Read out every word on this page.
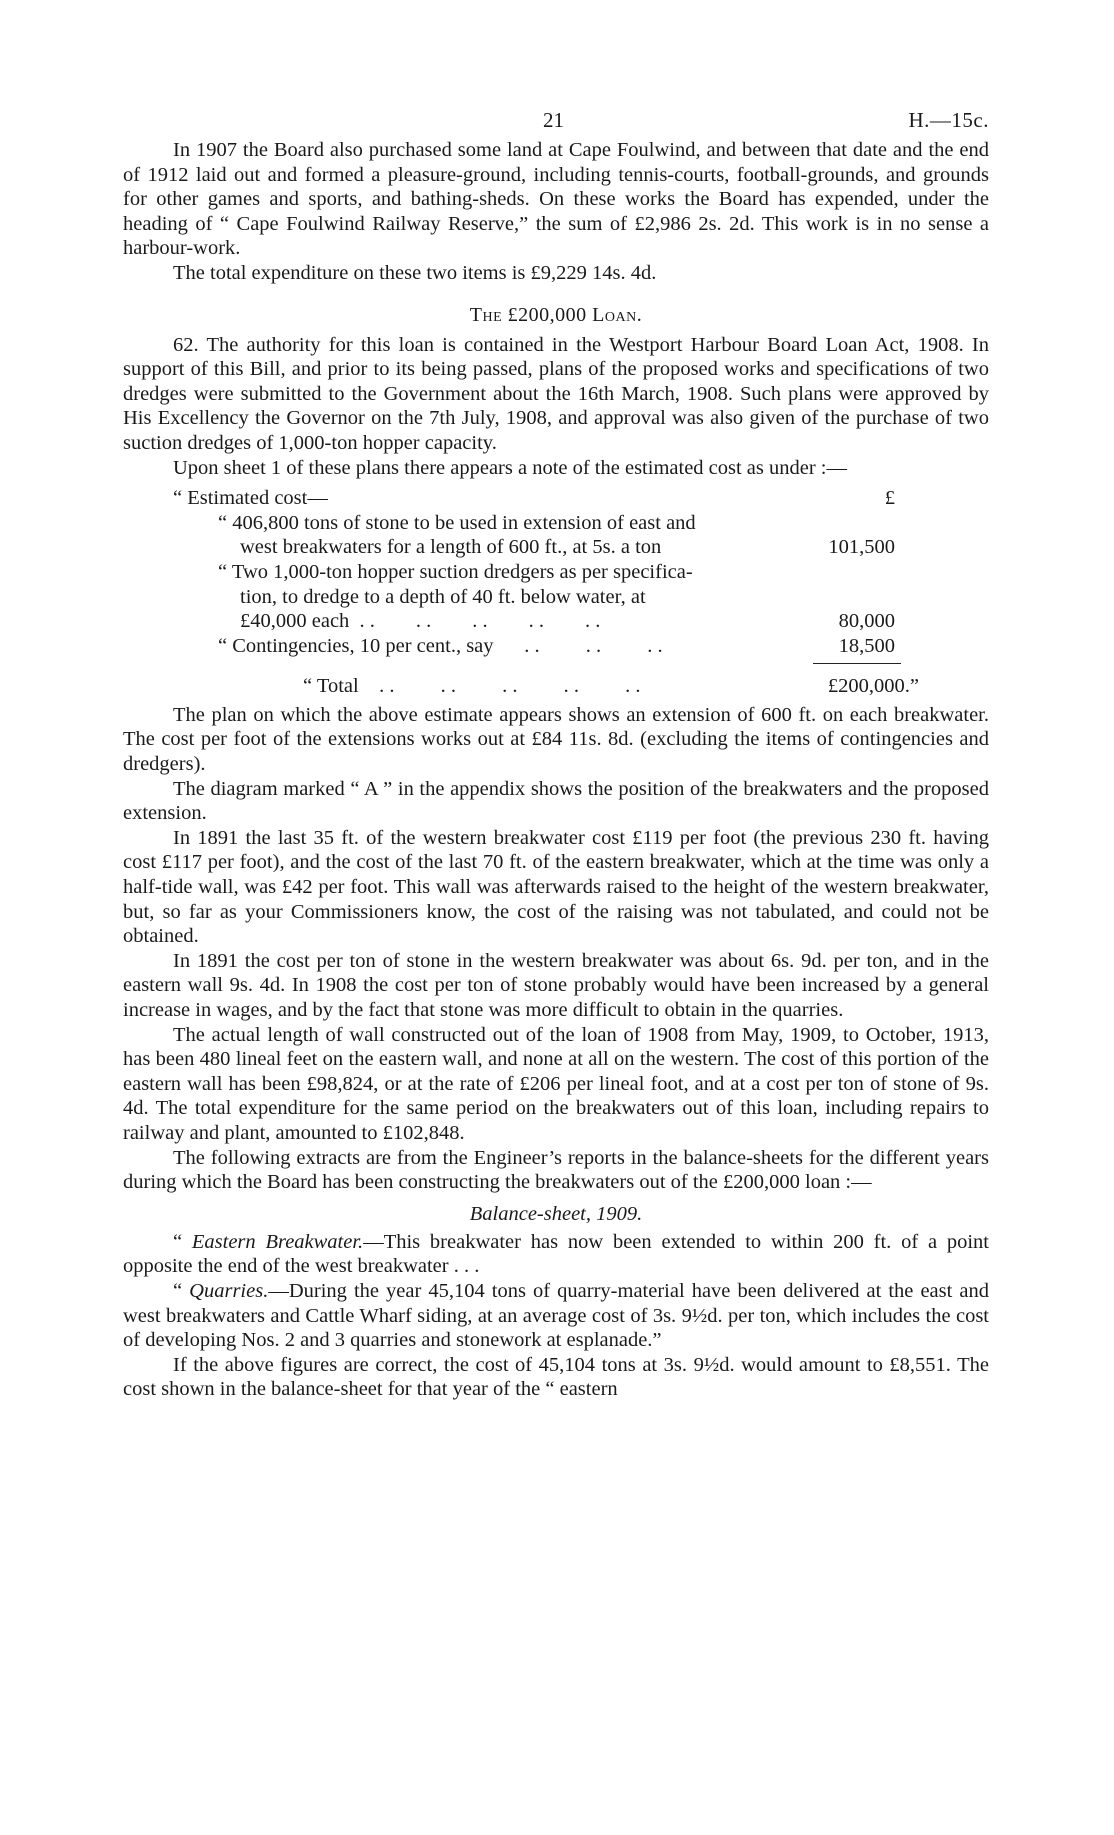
21	H.—15c.

In 1907 the Board also purchased some land at Cape Foulwind, and between that date and the end of 1912 laid out and formed a pleasure-ground, including tennis-courts, football-grounds, and grounds for other games and sports, and bathing-sheds. On these works the Board has expended, under the heading of “ Cape Foulwind Railway Reserve,” the sum of £2,986 2s. 2d. This work is in no sense a harbour-work.

The total expenditure on these two items is £9,229 14s. 4d.

The £200,000 Loan.

62. The authority for this loan is contained in the Westport Harbour Board Loan Act, 1908. In support of this Bill, and prior to its being passed, plans of the proposed works and specifications of two dredges were submitted to the Government about the 16th March, 1908. Such plans were approved by His Excellency the Governor on the 7th July, 1908, and approval was also given of the purchase of two suction dredges of 1,000-ton hopper capacity.

Upon sheet 1 of these plans there appears a note of the estimated cost as under :—

“ Estimated cost—	£
“ 406,800 tons of stone to be used in extension of east and
west breakwaters for a length of 600 ft., at 5s. a ton	101,500
“ Two 1,000-ton hopper suction dredgers as per specifica-
tion, to dredge to a depth of 40 ft. below water, at
£40,000 each  . .        . .        . .        . .        . .	80,000
“ Contingencies, 10 per cent., say      . .         . .         . .	18,500
“ Total    . .         . .         . .         . .         . .	£200,000.”

The plan on which the above estimate appears shows an extension of 600 ft. on each breakwater. The cost per foot of the extensions works out at £84 11s. 8d. (excluding the items of contingencies and dredgers).

The diagram marked “ A ” in the appendix shows the position of the breakwaters and the proposed extension.

In 1891 the last 35 ft. of the western breakwater cost £119 per foot (the previous 230 ft. having cost £117 per foot), and the cost of the last 70 ft. of the eastern breakwater, which at the time was only a half-tide wall, was £42 per foot. This wall was afterwards raised to the height of the western breakwater, but, so far as your Commissioners know, the cost of the raising was not tabulated, and could not be obtained.

In 1891 the cost per ton of stone in the western breakwater was about 6s. 9d. per ton, and in the eastern wall 9s. 4d. In 1908 the cost per ton of stone probably would have been increased by a general increase in wages, and by the fact that stone was more difficult to obtain in the quarries.

The actual length of wall constructed out of the loan of 1908 from May, 1909, to October, 1913, has been 480 lineal feet on the eastern wall, and none at all on the western. The cost of this portion of the eastern wall has been £98,824, or at the rate of £206 per lineal foot, and at a cost per ton of stone of 9s. 4d. The total expenditure for the same period on the breakwaters out of this loan, including repairs to railway and plant, amounted to £102,848.

The following extracts are from the Engineer’s reports in the balance-sheets for the different years during which the Board has been constructing the breakwaters out of the £200,000 loan :—

Balance-sheet, 1909.

“ Eastern Breakwater.—This breakwater has now been extended to within 200 ft. of a point opposite the end of the west breakwater . . .

“ Quarries.—During the year 45,104 tons of quarry-material have been delivered at the east and west breakwaters and Cattle Wharf siding, at an average cost of 3s. 9½d. per ton, which includes the cost of developing Nos. 2 and 3 quarries and stonework at esplanade.”

If the above figures are correct, the cost of 45,104 tons at 3s. 9½d. would amount to £8,551. The cost shown in the balance-sheet for that year of the “ eastern
